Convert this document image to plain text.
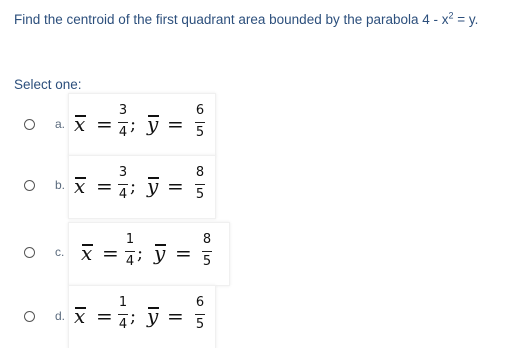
Find the centroid of the first quadrant area bounded by the parabola $4 - x^2 = y$.
Select one:
a. x =
3
4 ; y =
6
5
b. x =
3
4 ; y =
8
5
c. x =
1
4 ; y =
8
5
d. x =
1
4 ; y =
6
5
